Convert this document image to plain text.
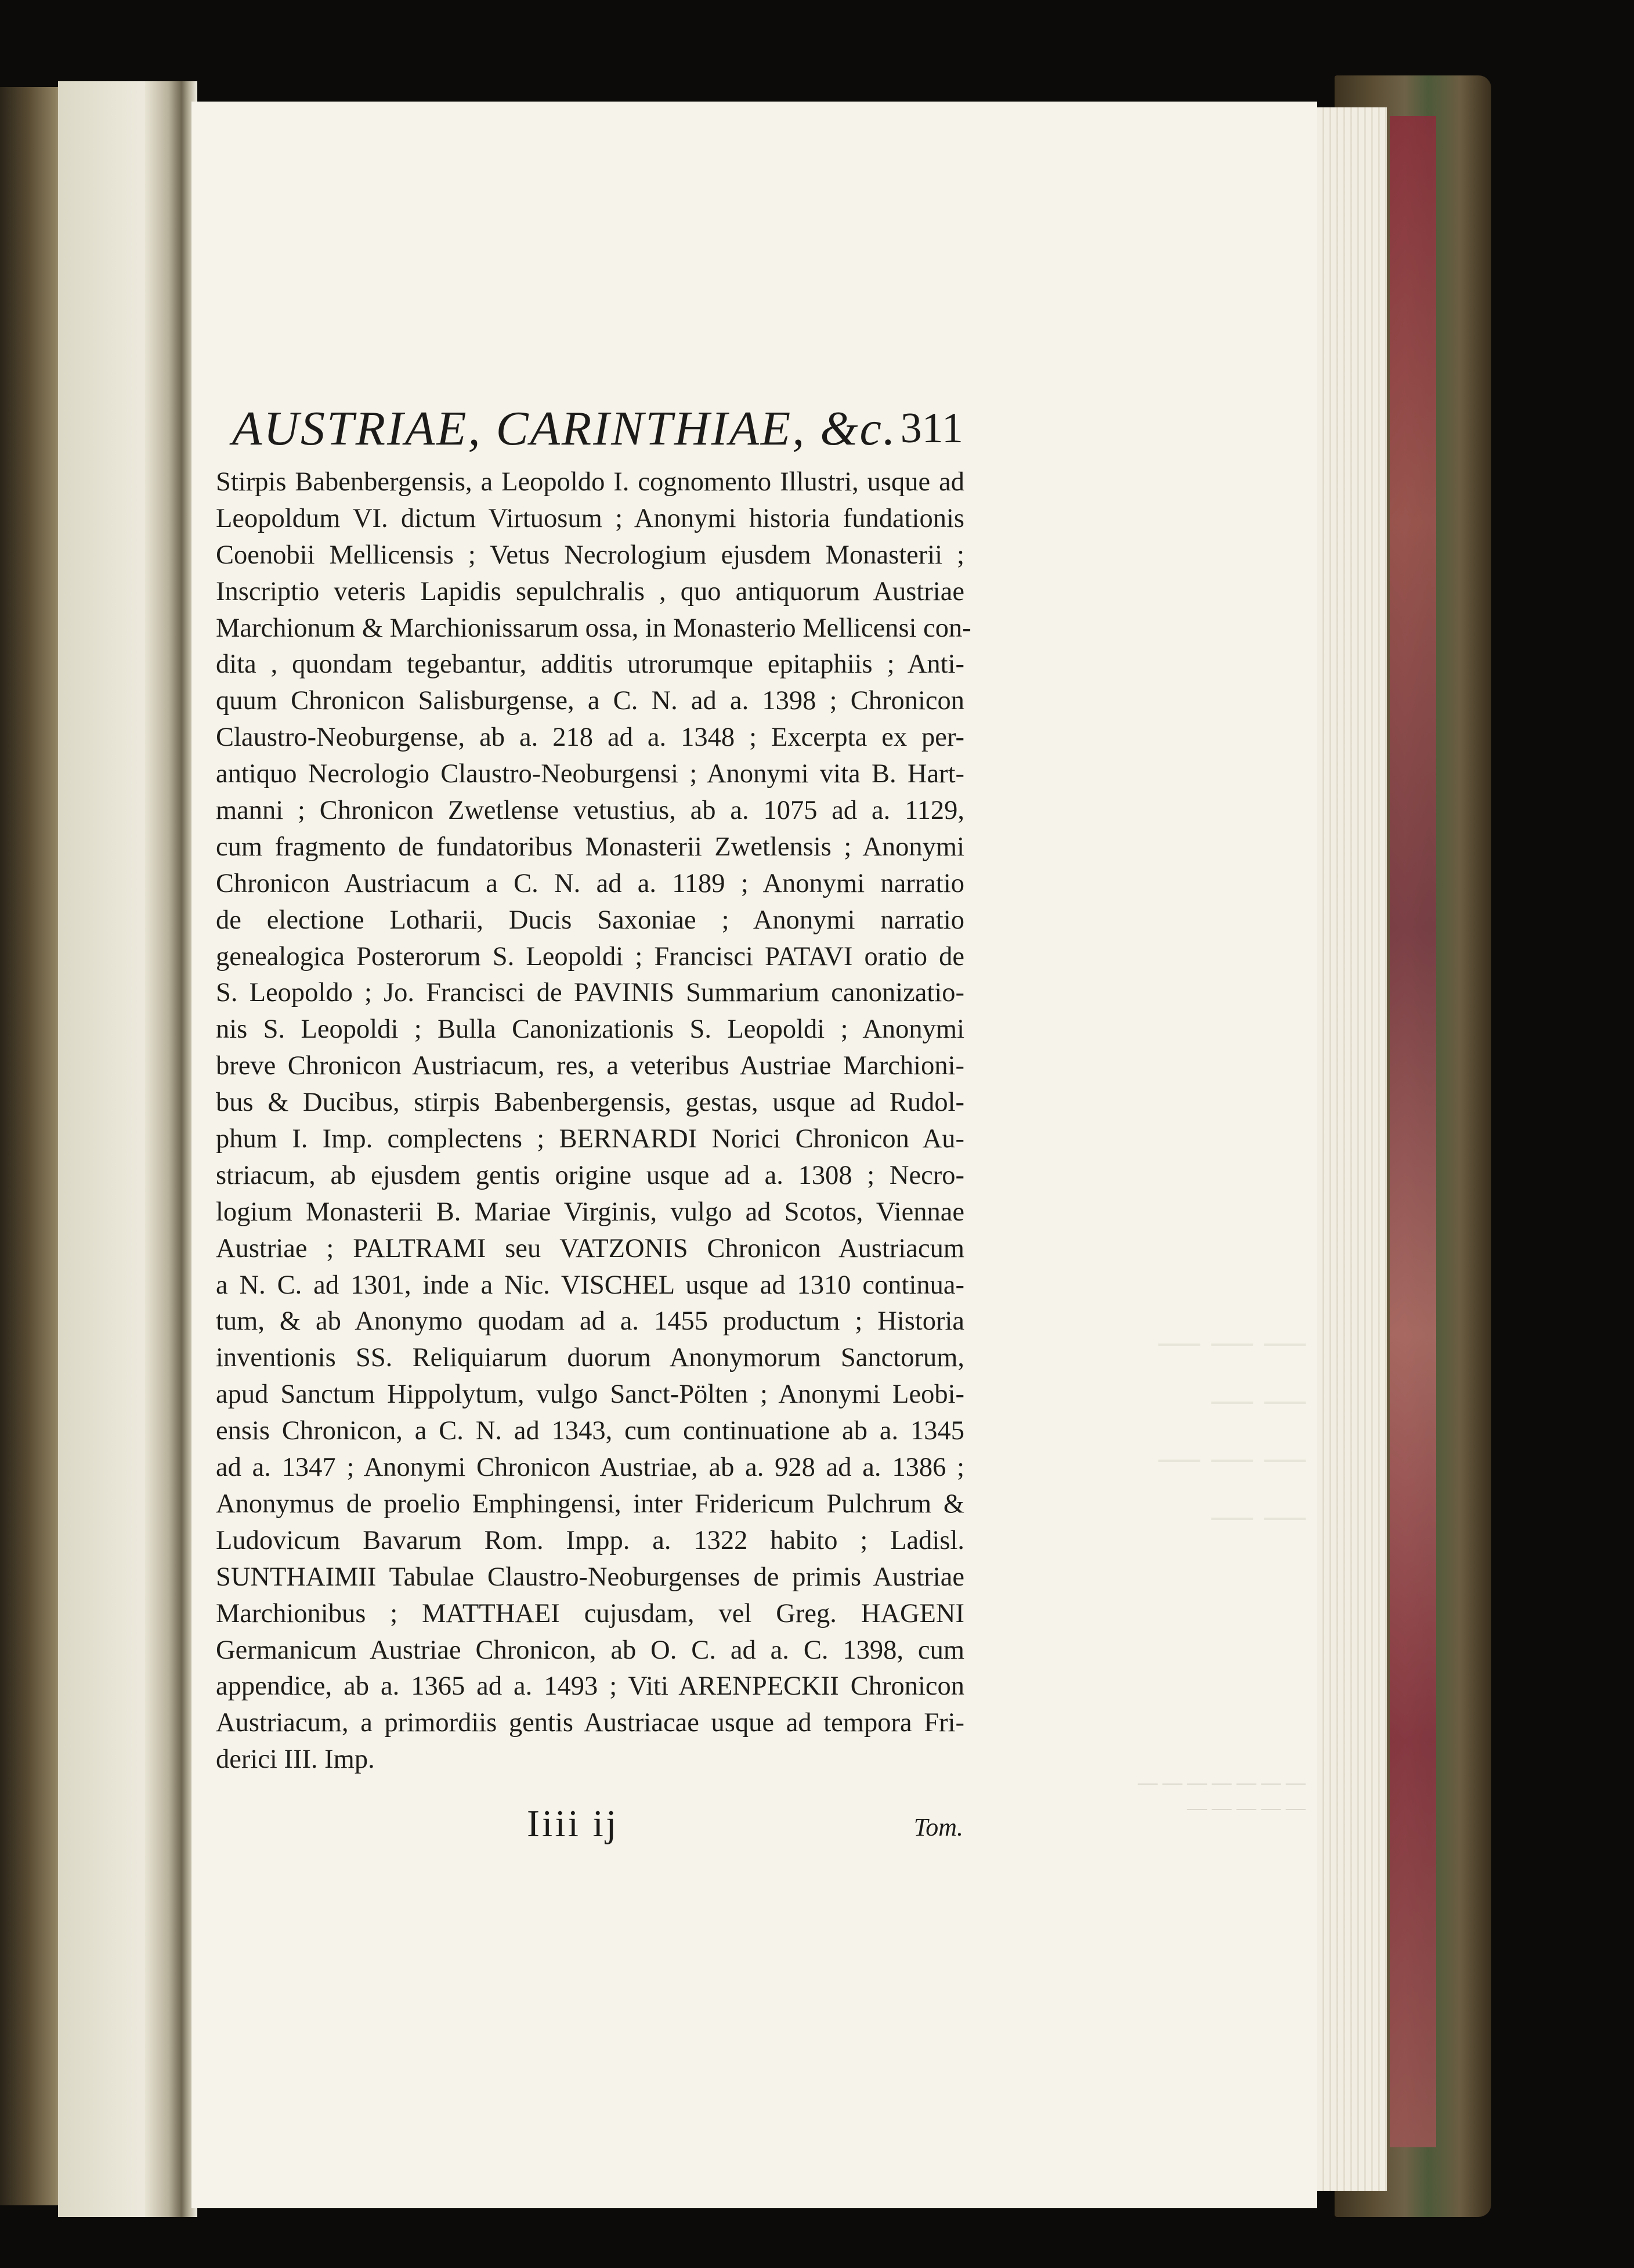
— — —
— —
— — —
— —
— — — — — — —
— — — — —
AUSTRIAE, CARINTHIAE, &c. 311
Stirpis Babenbergensis, a Leopoldo I. cognomento Illustri, usque ad
Leopoldum VI. dictum Virtuosum ; Anonymi historia fundationis
Coenobii Mellicensis ; Vetus Necrologium ejusdem Monasterii ;
Inscriptio veteris Lapidis sepulchralis , quo antiquorum Austriae
Marchionum & Marchionissarum ossa, in Monasterio Mellicensi con-
dita , quondam tegebantur, additis utrorumque epitaphiis ; Anti-
quum Chronicon Salisburgense, a C. N. ad a. 1398 ; Chronicon
Claustro-Neoburgense, ab a. 218 ad a. 1348 ; Excerpta ex per-
antiquo Necrologio Claustro-Neoburgensi ; Anonymi vita B. Hart-
manni ; Chronicon Zwetlense vetustius, ab a. 1075 ad a. 1129,
cum fragmento de fundatoribus Monasterii Zwetlensis ; Anonymi
Chronicon Austriacum a C. N. ad a. 1189 ; Anonymi narratio
de electione Lotharii, Ducis Saxoniae ; Anonymi narratio
genealogica Posterorum S. Leopoldi ; Francisci PATAVI oratio de
S. Leopoldo ; Jo. Francisci de PAVINIS Summarium canonizatio-
nis S. Leopoldi ; Bulla Canonizationis S. Leopoldi ; Anonymi
breve Chronicon Austriacum, res, a veteribus Austriae Marchioni-
bus & Ducibus, stirpis Babenbergensis, gestas, usque ad Rudol-
phum I. Imp. complectens ; BERNARDI Norici Chronicon Au-
striacum, ab ejusdem gentis origine usque ad a. 1308 ; Necro-
logium Monasterii B. Mariae Virginis, vulgo ad Scotos, Viennae
Austriae ; PALTRAMI seu VATZONIS Chronicon Austriacum
a N. C. ad 1301, inde a Nic. VISCHEL usque ad 1310 continua-
tum, & ab Anonymo quodam ad a. 1455 productum ; Historia
inventionis SS. Reliquiarum duorum Anonymorum Sanctorum,
apud Sanctum Hippolytum, vulgo Sanct-Pölten ; Anonymi Leobi-
ensis Chronicon, a C. N. ad 1343, cum continuatione ab a. 1345
ad a. 1347 ; Anonymi Chronicon Austriae, ab a. 928 ad a. 1386 ;
Anonymus de proelio Emphingensi, inter Fridericum Pulchrum &
Ludovicum Bavarum Rom. Impp. a. 1322 habito ; Ladisl.
SUNTHAIMII Tabulae Claustro-Neoburgenses de primis Austriae
Marchionibus ; MATTHAEI cujusdam, vel Greg. HAGENI
Germanicum Austriae Chronicon, ab O. C. ad a. C. 1398, cum
appendice, ab a. 1365 ad a. 1493 ; Viti ARENPECKII Chronicon
Austriacum, a primordiis gentis Austriacae usque ad tempora Fri-
derici III. Imp.
Iiii ij	Tom.
